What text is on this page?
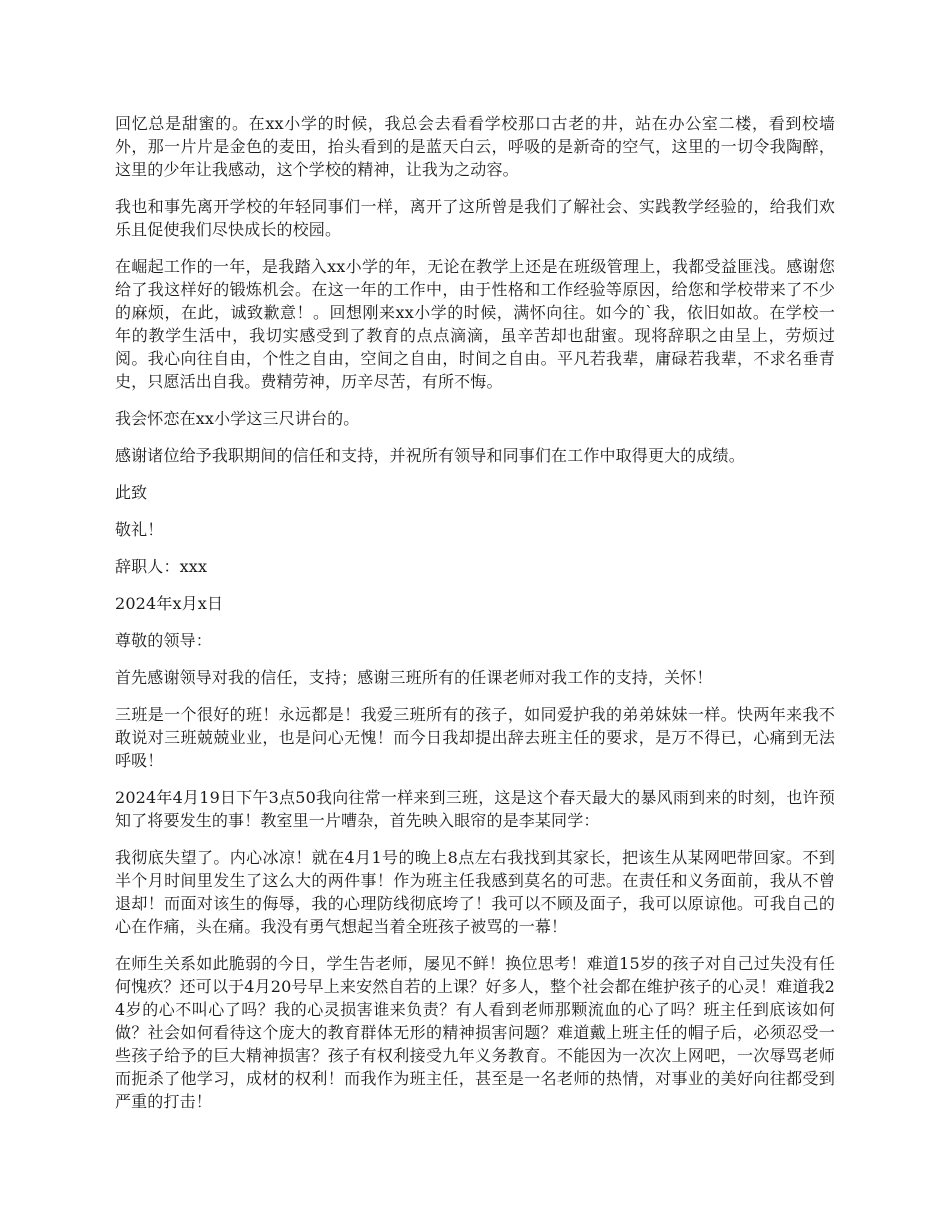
回忆总是甜蜜的。在xx小学的时候，我总会去看看学校那口古老的井，站在办公室二楼，看到校墙外，那一片片是金色的麦田，抬头看到的是蓝天白云，呼吸的是新奇的空气，这里的一切令我陶醉，这里的少年让我感动，这个学校的精神，让我为之动容。

我也和事先离开学校的年轻同事们一样，离开了这所曾是我们了解社会、实践教学经验的，给我们欢乐且促使我们尽快成长的校园。

在崛起工作的一年，是我踏入xx小学的年，无论在教学上还是在班级管理上，我都受益匪浅。感谢您给了我这样好的锻炼机会。在这一年的工作中，由于性格和工作经验等原因，给您和学校带来了不少的麻烦，在此，诚致歉意！。回想刚来xx小学的时候，满怀向往。如今的`我，依旧如故。在学校一年的教学生活中，我切实感受到了教育的点点滴滴，虽辛苦却也甜蜜。现将辞职之由呈上，劳烦过阅。我心向往自由，个性之自由，空间之自由，时间之自由。平凡若我辈，庸碌若我辈，不求名垂青史，只愿活出自我。费精劳神，历辛尽苦，有所不悔。

我会怀恋在xx小学这三尺讲台的。

感谢诸位给予我职期间的信任和支持，并祝所有领导和同事们在工作中取得更大的成绩。

此致

敬礼！

辞职人：xxx

2024年x月x日

尊敬的领导：

首先感谢领导对我的信任，支持；感谢三班所有的任课老师对我工作的支持，关怀！

三班是一个很好的班！永远都是！我爱三班所有的孩子，如同爱护我的弟弟妹妹一样。快两年来我不敢说对三班兢兢业业，也是问心无愧！而今日我却提出辞去班主任的要求，是万不得已，心痛到无法呼吸！

2024年4月19日下午3点50我向往常一样来到三班，这是这个春天最大的暴风雨到来的时刻，也许预知了将要发生的事！教室里一片嘈杂，首先映入眼帘的是李某同学：

我彻底失望了。内心冰凉！就在4月1号的晚上8点左右我找到其家长，把该生从某网吧带回家。不到半个月时间里发生了这么大的两件事！作为班主任我感到莫名的可悲。在责任和义务面前，我从不曾退却！而面对该生的侮辱，我的心理防线彻底垮了！我可以不顾及面子，我可以原谅他。可我自己的心在作痛，头在痛。我没有勇气想起当着全班孩子被骂的一幕！

在师生关系如此脆弱的今日，学生告老师，屡见不鲜！换位思考！难道15岁的孩子对自己过失没有任何愧疚？还可以于4月20号早上来安然自若的上课？好多人，整个社会都在维护孩子的心灵！难道我24岁的心不叫心了吗？我的心灵损害谁来负责？有人看到老师那颗流血的心了吗？班主任到底该如何做？社会如何看待这个庞大的教育群体无形的精神损害问题？难道戴上班主任的帽子后，必须忍受一些孩子给予的巨大精神损害？孩子有权利接受九年义务教育。不能因为一次次上网吧，一次辱骂老师而扼杀了他学习，成材的权利！而我作为班主任，甚至是一名老师的热情，对事业的美好向往都受到严重的打击！
